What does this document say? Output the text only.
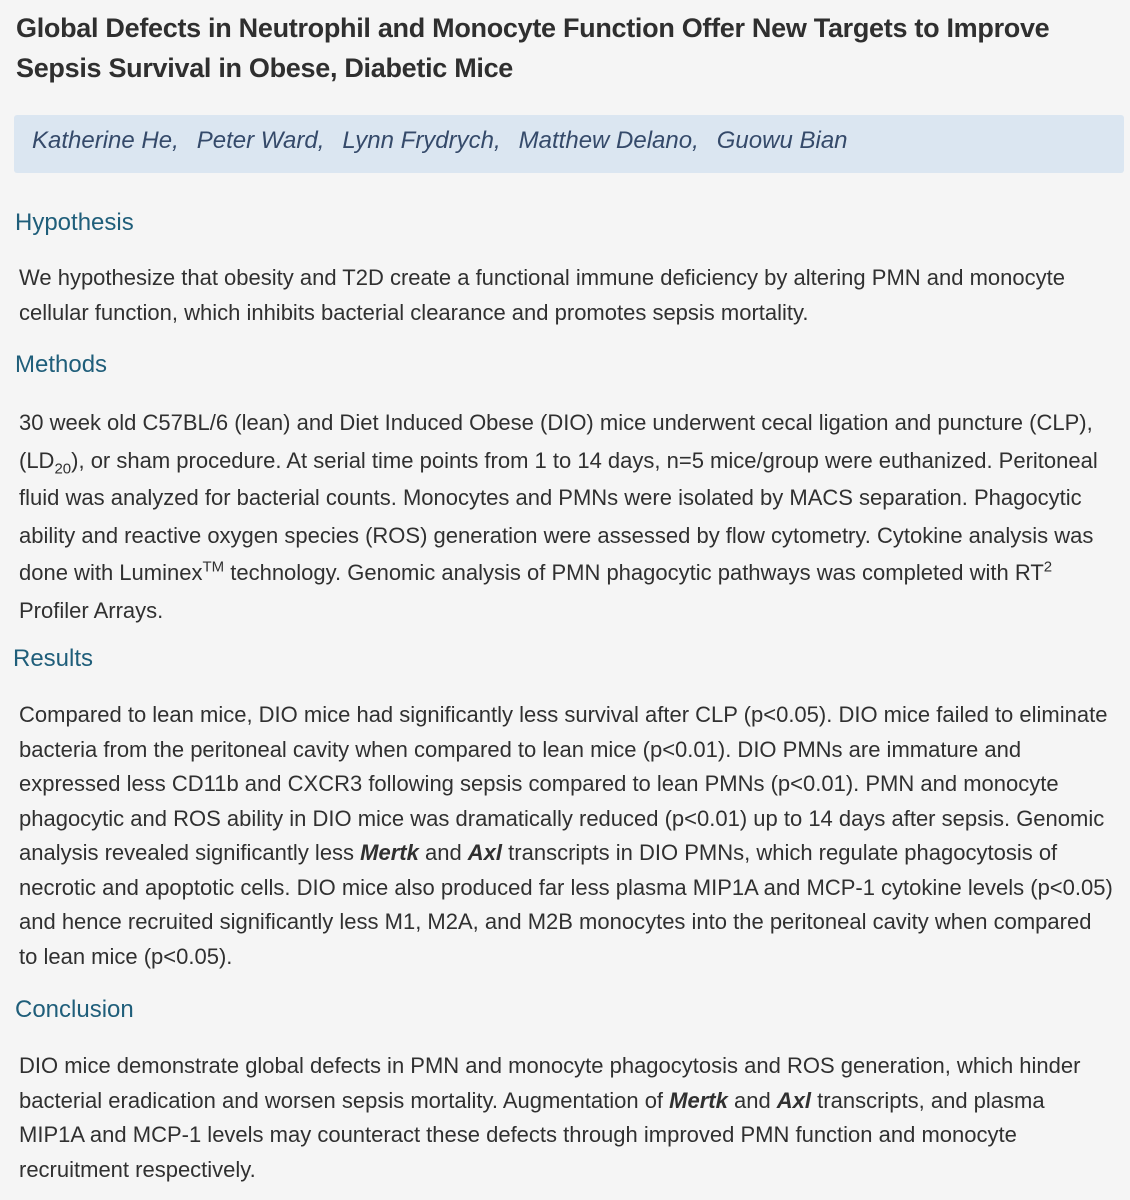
Global Defects in Neutrophil and Monocyte Function Offer New Targets to Improve Sepsis Survival in Obese, Diabetic Mice
Katherine He, Peter Ward, Lynn Frydrych, Matthew Delano, Guowu Bian
Hypothesis

We hypothesize that obesity and T2D create a functional immune deficiency by altering PMN and monocyte cellular function, which inhibits bacterial clearance and promotes sepsis mortality.

Methods

30 week old C57BL/6 (lean) and Diet Induced Obese (DIO) mice underwent cecal ligation and puncture (CLP), $(LD_{20})$, or sham procedure. At serial time points from 1 to 14 days, n=5 mice/group were euthanized. Peritoneal fluid was analyzed for bacterial counts. Monocytes and PMNs were isolated by MACS separation. Phagocytic ability and reactive oxygen species (ROS) generation were assessed by flow cytometry. Cytokine analysis was done with Luminex™ technology. Genomic analysis of PMN phagocytic pathways was completed with $RT^2$ Profiler Arrays.

Results

Compared to lean mice, DIO mice had significantly less survival after CLP (p<0.05). DIO mice failed to eliminate bacteria from the peritoneal cavity when compared to lean mice (p<0.01). DIO PMNs are immature and expressed less CD11b and CXCR3 following sepsis compared to lean PMNs (p<0.01). PMN and monocyte phagocytic and ROS ability in DIO mice was dramatically reduced (p<0.01) up to 14 days after sepsis. Genomic analysis revealed significantly less Mertk and Axl transcripts in DIO PMNs, which regulate phagocytosis of necrotic and apoptotic cells. DIO mice also produced far less plasma MIP1A and MCP-1 cytokine levels (p<0.05) and hence recruited significantly less M1, M2A, and M2B monocytes into the peritoneal cavity when compared to lean mice (p<0.05).

Conclusion

DIO mice demonstrate global defects in PMN and monocyte phagocytosis and ROS generation, which hinder bacterial eradication and worsen sepsis mortality. Augmentation of Mertk and Axl transcripts, and plasma MIP1A and MCP-1 levels may counteract these defects through improved PMN function and monocyte recruitment respectively.
